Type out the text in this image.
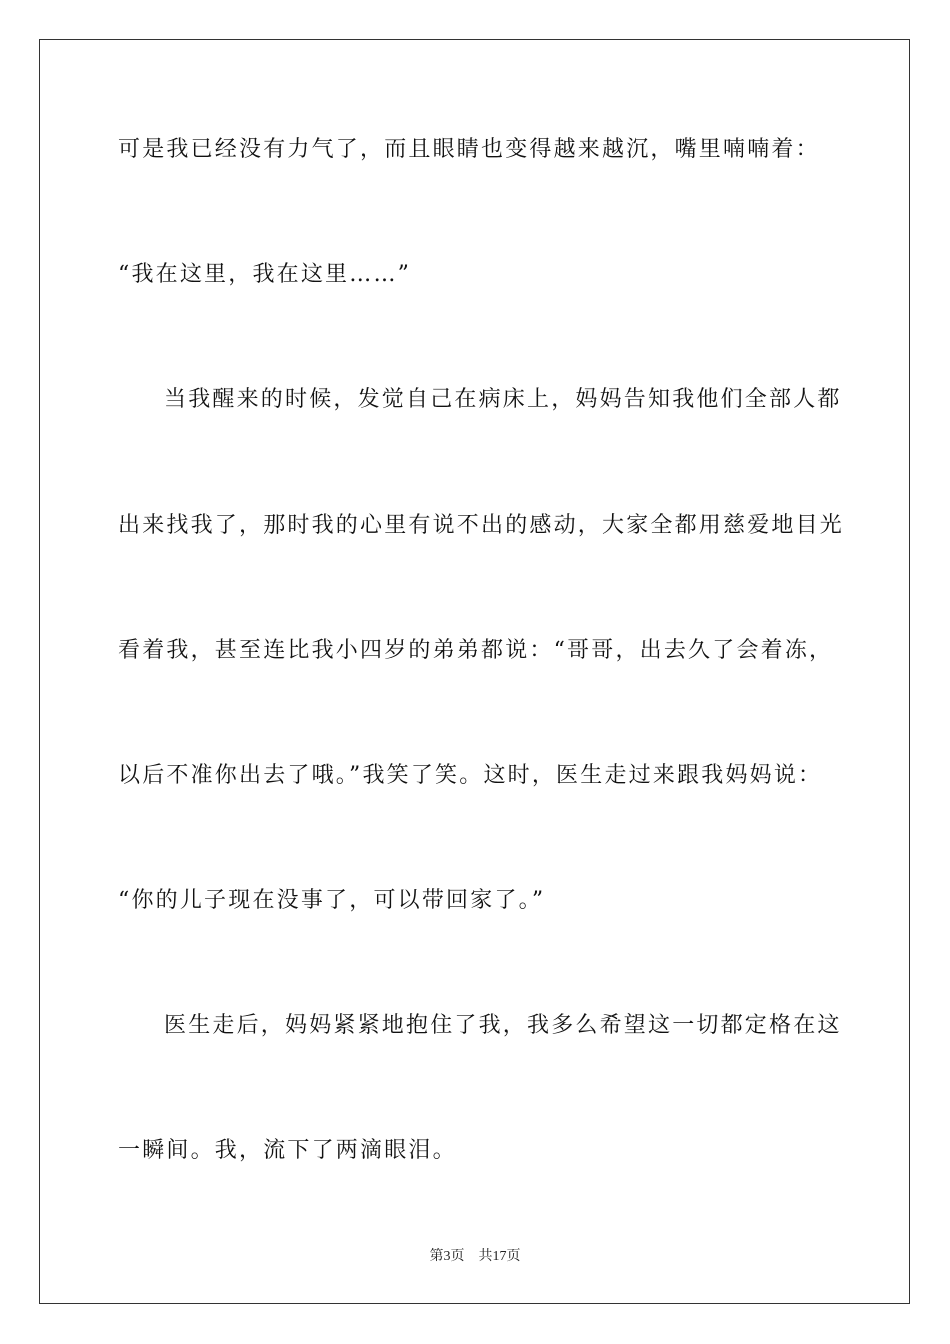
可是我已经没有力气了，而且眼睛也变得越来越沉，嘴里喃喃着：
“我在这里，我在这里……”
当我醒来的时候，发觉自己在病床上，妈妈告知我他们全部人都
出来找我了，那时我的心里有说不出的感动，大家全都用慈爱地目光
看着我，甚至连比我小四岁的弟弟都说：“哥哥，出去久了会着冻，
以后不准你出去了哦。”我笑了笑。这时，医生走过来跟我妈妈说：
“你的儿子现在没事了，可以带回家了。”
医生走后，妈妈紧紧地抱住了我，我多么希望这一切都定格在这
一瞬间。我，流下了两滴眼泪。
第3页 共17页
